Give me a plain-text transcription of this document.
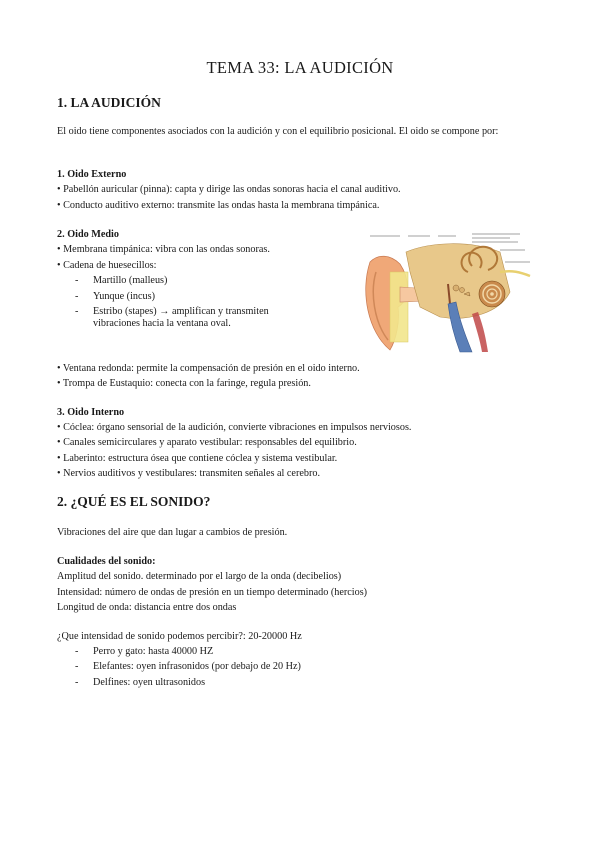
TEMA 33: LA AUDICIÓN
1. LA AUDICIÓN
El oido tiene componentes asociados con la audición y con el equilibrio posicional. El oido se compone por:
1. Oido Externo
• Pabellón auricular (pinna): capta y dirige las ondas sonoras hacia el canal auditivo.
• Conducto auditivo externo: transmite las ondas hasta la membrana timpánica.
2. Oido Medio
• Membrana timpánica: vibra con las ondas sonoras.
• Cadena de huesecillos:
- Martillo (malleus)
- Yunque (incus)
- Estribo (stapes) → amplifican y transmiten
vibraciones hacia la ventana oval.
• Ventana redonda: permite la compensación de presión en el oido interno.
• Trompa de Eustaquio: conecta con la faringe, regula presión.
3. Oido Interno
• Cóclea: órgano sensorial de la audición, convierte vibraciones en impulsos nerviosos.
• Canales semicirculares y aparato vestibular: responsables del equilibrio.
• Laberinto: estructura ósea que contiene cóclea y sistema vestibular.
• Nervios auditivos y vestibulares: transmiten señales al cerebro.
2. ¿QUÉ ES EL SONIDO?
Vibraciones del aire que dan lugar a cambios de presión.
Cualidades del sonido:
Amplitud del sonido. determinado por el largo de la onda (decibelios)
Intensidad: número de ondas de presión en un tiempo determinado (hercios)
Longitud de onda: distancia entre dos ondas
¿Que intensidad de sonido podemos percibir?: 20-20000 Hz
- Perro y gato: hasta 40000 HZ
- Elefantes: oyen infrasonidos (por debajo de 20 Hz)
- Delfines: oyen ultrasonidos
